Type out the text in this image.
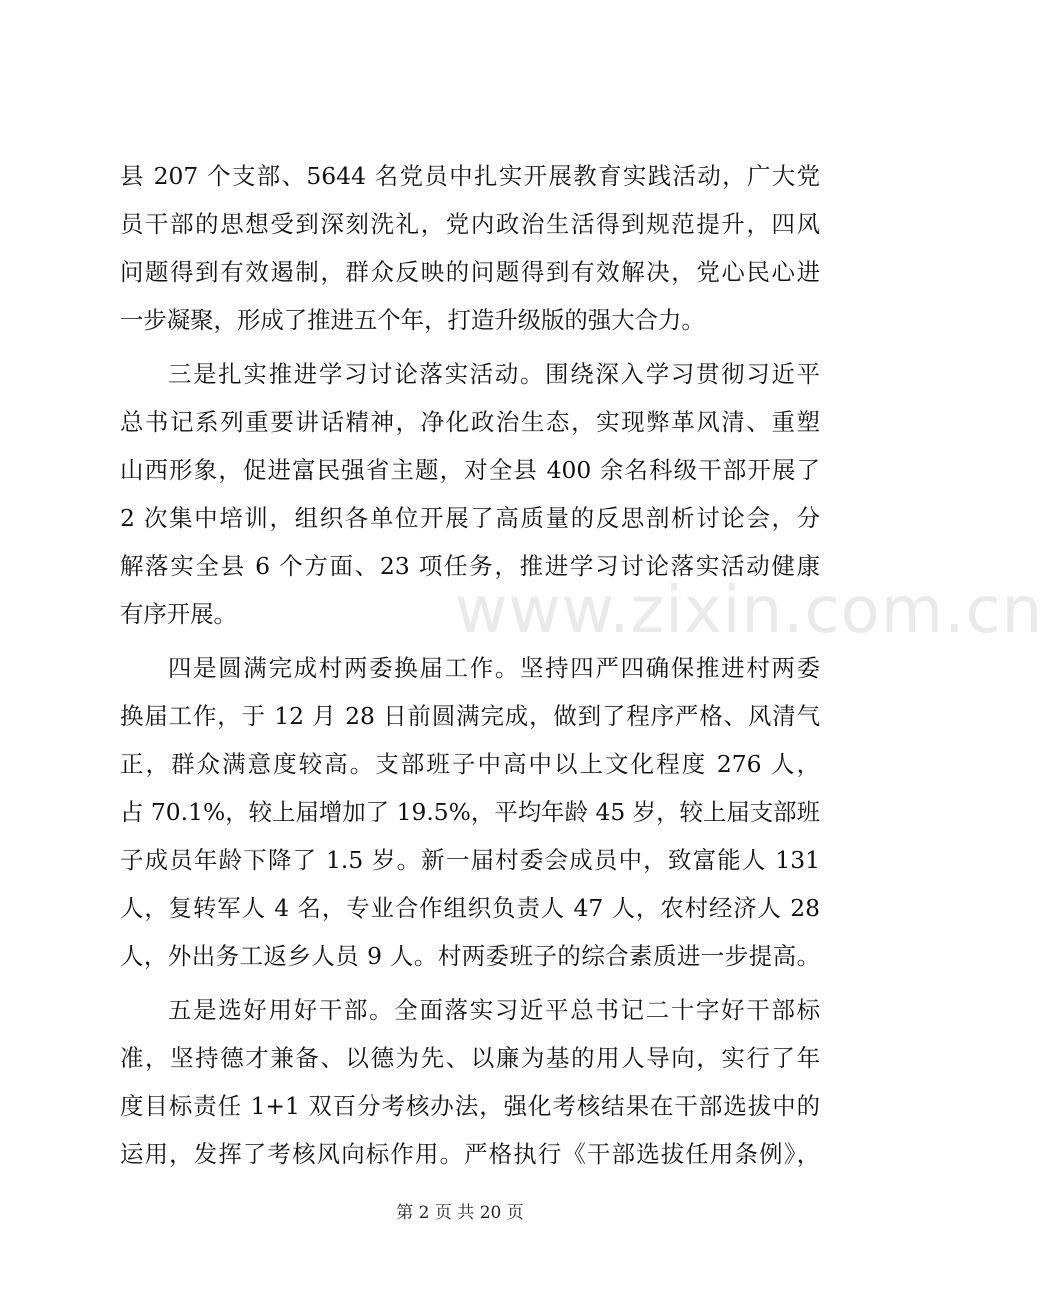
县 207 个支部、5644 名党员中扎实开展教育实践活动，广大党
员干部的思想受到深刻洗礼，党内政治生活得到规范提升，四风
问题得到有效遏制，群众反映的问题得到有效解决，党心民心进
一步凝聚，形成了推进五个年，打造升级版的强大合力。
三是扎实推进学习讨论落实活动。围绕深入学习贯彻习近平
总书记系列重要讲话精神，净化政治生态，实现弊革风清、重塑
山西形象，促进富民强省主题，对全县 400 余名科级干部开展了
2 次集中培训，组织各单位开展了高质量的反思剖析讨论会，分
解落实全县 6 个方面、23 项任务，推进学习讨论落实活动健康
有序开展。
四是圆满完成村两委换届工作。坚持四严四确保推进村两委
换届工作，于 12 月 28 日前圆满完成，做到了程序严格、风清气
正，群众满意度较高。支部班子中高中以上文化程度 276 人，
占 70.1%，较上届增加了 19.5%，平均年龄 45 岁，较上届支部班
子成员年龄下降了 1.5 岁。新一届村委会成员中，致富能人 131
人，复转军人 4 名，专业合作组织负责人 47 人，农村经济人 28
人，外出务工返乡人员 9 人。村两委班子的综合素质进一步提高。
五是选好用好干部。全面落实习近平总书记二十字好干部标
准，坚持德才兼备、以德为先、以廉为基的用人导向，实行了年
度目标责任 1+1 双百分考核办法，强化考核结果在干部选拔中的
运用，发挥了考核风向标作用。严格执行《干部选拔任用条例》，
www.zixin.com.cn
第 2 页 共 20 页
